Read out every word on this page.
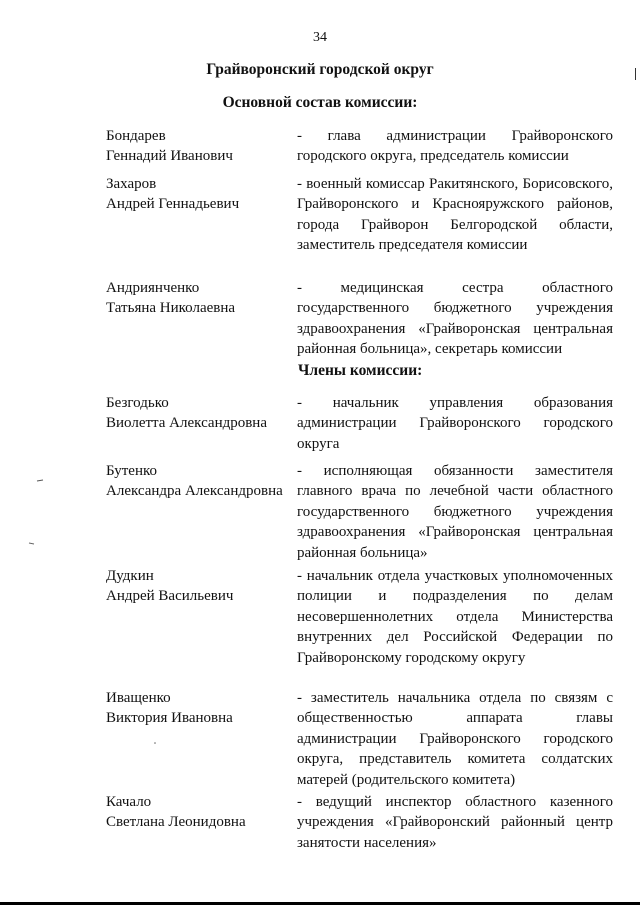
34
Грайворонский городской округ
Основной состав комиссии:
Бондарев
Геннадий Иванович
- глава администрации Грайворонского городского округа, председатель комиссии
Захаров
Андрей Геннадьевич
- военный комиссар Ракитянского, Борисовского, Грайворонского и Краснояружского районов, города Грайворон Белгородской области, заместитель председателя комиссии
Андриянченко
Татьяна Николаевна
- медицинская сестра областного государственного бюджетного учреждения здравоохранения «Грайворонская центральная районная больница», секретарь комиссии
Члены комиссии:
Безгодько
Виолетта Александровна
- начальник управления образования администрации Грайворонского городского округа
Бутенко
Александра Александровна
- исполняющая обязанности заместителя главного врача по лечебной части областного государственного бюджетного учреждения здравоохранения «Грайворонская центральная районная больница»
Дудкин
Андрей Васильевич
- начальник отдела участковых уполномоченных полиции и подразделения по делам несовершеннолетних отдела Министерства внутренних дел Российской Федерации по Грайворонскому городскому округу
Иващенко
Виктория Ивановна
- заместитель начальника отдела по связям с общественностью аппарата главы администрации Грайворонского городского округа, представитель комитета солдатских матерей (родительского комитета)
Качало
Светлана Леонидовна
- ведущий инспектор областного казенного учреждения «Грайворонский районный центр занятости населения»
